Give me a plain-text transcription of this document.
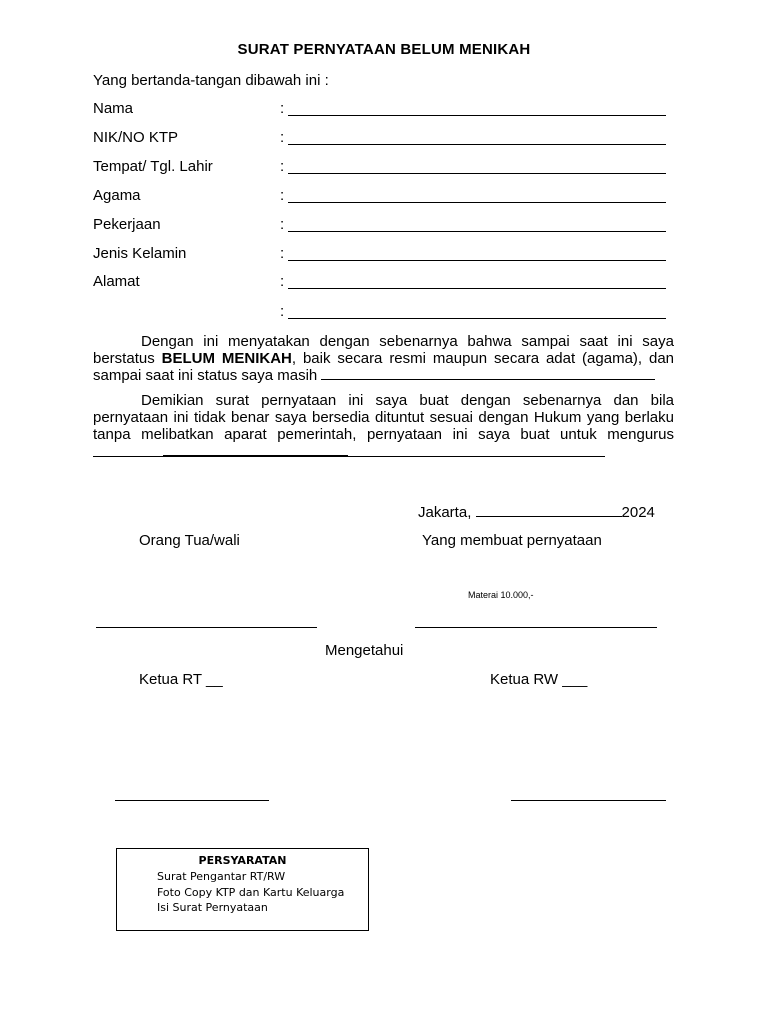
SURAT PERNYATAAN BELUM MENIKAH
Yang bertanda-tangan dibawah ini :
Nama	:
NIK/NO KTP	:
Tempat/ Tgl. Lahir	:
Agama	:
Pekerjaan	:
Jenis Kelamin	:
Alamat	:
:
Dengan ini menyatakan dengan sebenarnya bahwa sampai saat ini saya berstatus BELUM MENIKAH, baik secara resmi maupun secara adat (agama), dan sampai saat ini status saya masih
Demikian surat pernyataan ini saya buat dengan sebenarnya dan bila pernyataan ini tidak benar saya bersedia dituntut sesuai dengan Hukum yang berlaku tanpa melibatkan aparat pemerintah, pernyataan ini saya buat untuk mengurus
Jakarta,	2024
Orang Tua/wali	Yang membuat pernyataan
Materai 10.000,-
Mengetahui
Ketua RT __	Ketua RW ___
PERSYARATAN
Surat Pengantar RT/RW
Foto Copy KTP dan Kartu Keluarga
Isi Surat Pernyataan
